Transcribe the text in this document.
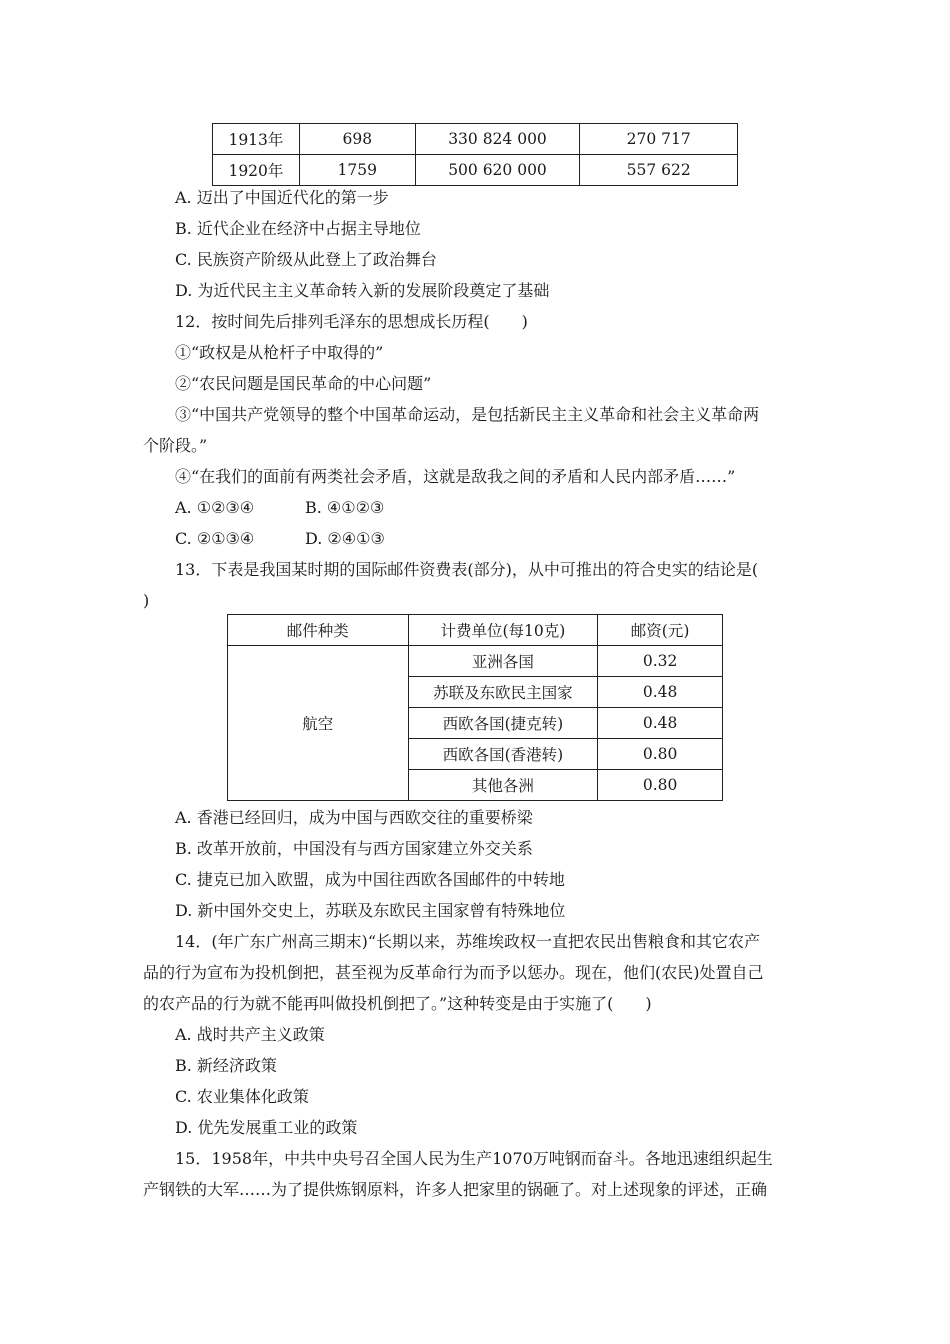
1913年	698	330 824 000	270 717
1920年	1759	500 620 000	557 622
A. 迈出了中国近代化的第一步
B. 近代企业在经济中占据主导地位
C. 民族资产阶级从此登上了政治舞台
D. 为近代民主主义革命转入新的发展阶段奠定了基础
12．按时间先后排列毛泽东的思想成长历程(　　)
①“政权是从枪杆子中取得的”
②“农民问题是国民革命的中心问题”
③“中国共产党领导的整个中国革命运动，是包括新民主主义革命和社会主义革命两
个阶段。”
④“在我们的面前有两类社会矛盾，这就是敌我之间的矛盾和人民内部矛盾……”
A. ①②③④	B. ④①②③
C. ②①③④	D. ②④①③
13．下表是我国某时期的国际邮件资费表(部分)，从中可推出的符合史实的结论是(
)
邮件种类	计费单位(每10克)	邮资(元)
航空	亚洲各国	0.32
	苏联及东欧民主国家	0.48
	西欧各国(捷克转)	0.48
	西欧各国(香港转)	0.80
	其他各洲	0.80
A. 香港已经回归，成为中国与西欧交往的重要桥梁
B. 改革开放前，中国没有与西方国家建立外交关系
C. 捷克已加入欧盟，成为中国往西欧各国邮件的中转地
D. 新中国外交史上，苏联及东欧民主国家曾有特殊地位
14．(年广东广州高三期末)“长期以来，苏维埃政权一直把农民出售粮食和其它农产
品的行为宣布为投机倒把，甚至视为反革命行为而予以惩办。现在，他们(农民)处置自己
的农产品的行为就不能再叫做投机倒把了。”这种转变是由于实施了(　　)
A. 战时共产主义政策
B. 新经济政策
C. 农业集体化政策
D. 优先发展重工业的政策
15．1958年，中共中央号召全国人民为生产1070万吨钢而奋斗。各地迅速组织起生
产钢铁的大军……为了提供炼钢原料，许多人把家里的锅砸了。对上述现象的评述，正确
